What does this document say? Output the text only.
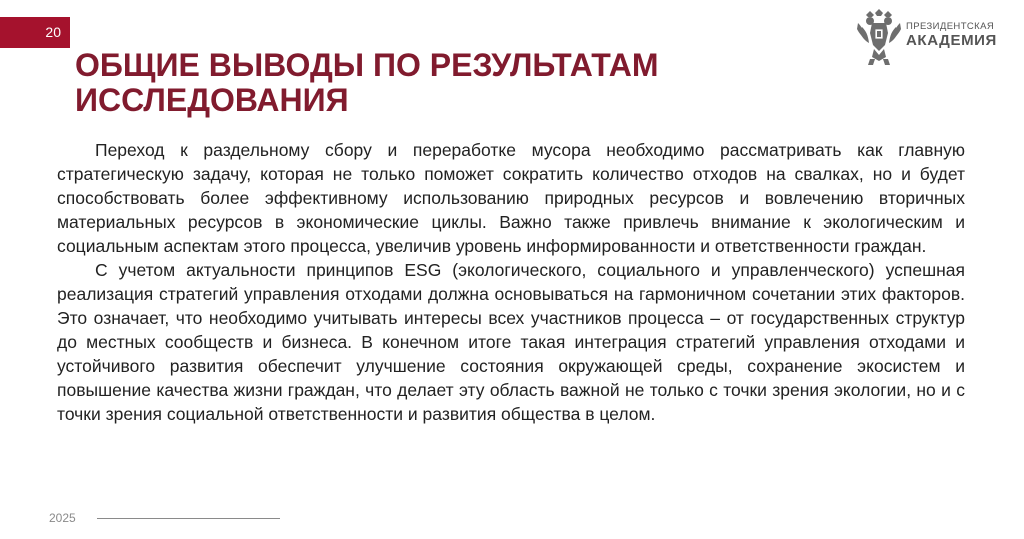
20
ОБЩИЕ ВЫВОДЫ ПО РЕЗУЛЬТАТАМ ИССЛЕДОВАНИЯ
ПРЕЗИДЕНТСКАЯ
АКАДЕМИЯ

Переход к раздельному сбору и переработке мусора необходимо рассматривать как главную стратегическую задачу, которая не только поможет сократить количество отходов на свалках, но и будет способствовать более эффективному использованию природных ресурсов и вовлечению вторичных материальных ресурсов в экономические циклы. Важно также привлечь внимание к экологическим и социальным аспектам этого процесса, увеличив уровень информированности и ответственности граждан.

С учетом актуальности принципов ESG (экологического, социального и управленческого) успешная реализация стратегий управления отходами должна основываться на гармоничном сочетании этих факторов. Это означает, что необходимо учитывать интересы всех участников процесса – от государственных структур до местных сообществ и бизнеса. В конечном итоге такая интеграция стратегий управления отходами и устойчивого развития обеспечит улучшение состояния окружающей среды, сохранение экосистем и повышение качества жизни граждан, что делает эту область важной не только с точки зрения экологии, но и с точки зрения социальной ответственности и развития общества в целом.

2025
